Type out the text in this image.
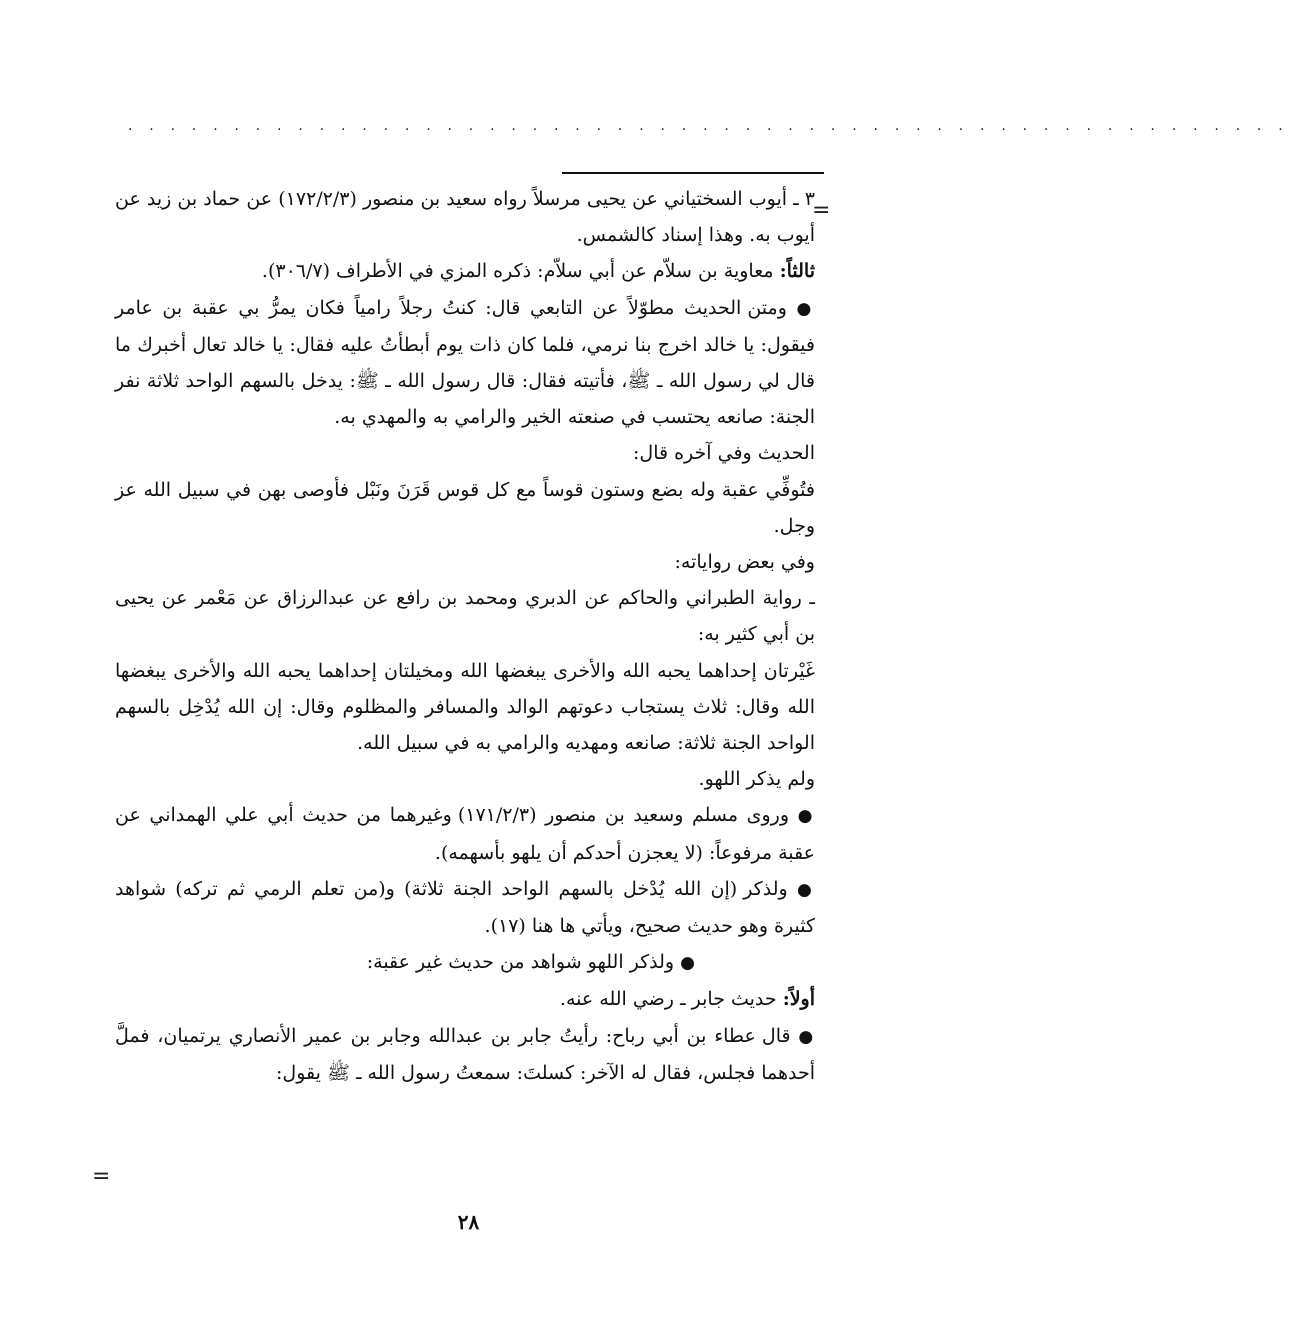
. . . . . . . . . . . . . . . . . . . . . . . . . . . . . . . . . . . . . . . . . . . . . . . . . . . . . . .
=
=

٣ ـ أيوب السختياني عن يحيى مرسلاً رواه سعيد بن منصور (١٧٢/٢/٣) عن حماد بن زيد عن أيوب به. وهذا إسناد كالشمس.

ثالثاً: معاوية بن سلاّم عن أبي سلاّم: ذكره المزي في الأطراف (٣٠٦/٧).

● ومتن الحديث مطوّلاً عن التابعي قال: كنتُ رجلاً رامياً فكان يمرُّ بي عقبة بن عامر فيقول: يا خالد اخرج بنا نرمي، فلما كان ذات يوم أبطأتُ عليه فقال: يا خالد تعال أخبرك ما قال لي رسول الله ـ ﷺ، فأتيته فقال: قال رسول الله ـ ﷺ: يدخل بالسهم الواحد ثلاثة نفر الجنة: صانعه يحتسب في صنعته الخير والرامي به والمهدي به.

الحديث وفي آخره قال:

فتُوفِّي عقبة وله بضع وستون قوساً مع كل قوس قَرَنَ ونَبْل فأوصى بهن في سبيل الله عز وجل.

وفي بعض رواياته:

ـ رواية الطبراني والحاكم عن الدبري ومحمد بن رافع عن عبدالرزاق عن مَعْمر عن يحيى بن أبي كثير به:

غَيْرتان إحداهما يحبه الله والأخرى يبغضها الله ومخيلتان إحداهما يحبه الله والأخرى يبغضها الله وقال: ثلاث يستجاب دعوتهم الوالد والمسافر والمظلوم وقال: إن الله يُدْخِل بالسهم الواحد الجنة ثلاثة: صانعه ومهديه والرامي به في سبيل الله.

ولم يذكر اللهو.

● وروى مسلم وسعيد بن منصور (١٧١/٢/٣) وغيرهما من حديث أبي علي الهمداني عن عقبة مرفوعاً: (لا يعجزن أحدكم أن يلهو بأسهمه).

● ولذكر (إن الله يُدْخل بالسهم الواحد الجنة ثلاثة) و(من تعلم الرمي ثم تركه) شواهد كثيرة وهو حديث صحيح، ويأتي ها هنا (١٧).

● ولذكر اللهو شواهد من حديث غير عقبة:

أولاً: حديث جابر ـ رضي الله عنه.

● قال عطاء بن أبي رباح: رأيتُ جابر بن عبدالله وجابر بن عمير الأنصاري يرتميان، فملَّ أحدهما فجلس، فقال له الآخر: كسلتَ: سمعتُ رسول الله ـ ﷺ يقول:

٢٨
